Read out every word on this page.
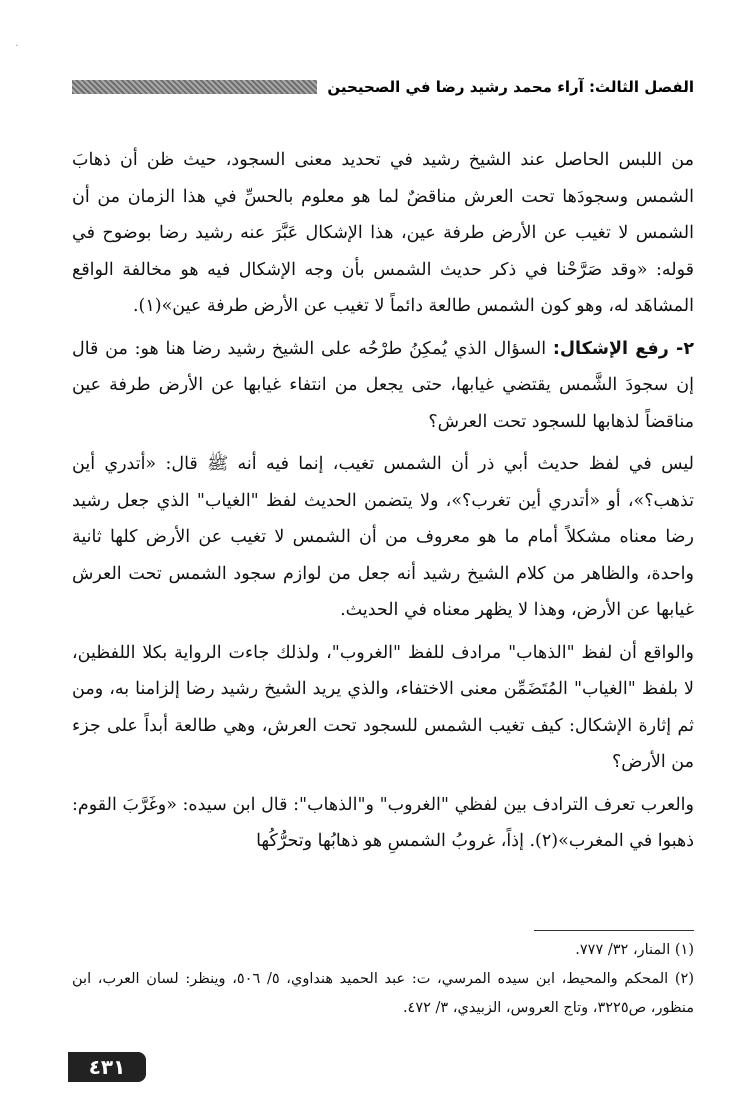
٠
الفصل الثالث: آراء محمد رشيد رضا في الصحيحين

من اللبس الحاصل عند الشيخ رشيد في تحديد معنى السجود، حيث ظن أن ذهابَ الشمس وسجودَها تحت العرش مناقضٌ لما هو معلوم بالحسِّ في هذا الزمان من أن الشمس لا تغيب عن الأرض طرفة عين، هذا الإشكال عَبَّرَ عنه رشيد رضا بوضوح في قوله: «وقد صَرَّحْنا في ذكر حديث الشمس بأن وجه الإشكال فيه هو مخالفة الواقع المشاهَد له، وهو كون الشمس طالعة دائماً لا تغيب عن الأرض طرفة عين»(١).

٢- رفع الإشكال: السؤال الذي يُمكِنُ طرْحُه على الشيخ رشيد رضا هنا هو: من قال إن سجودَ الشَّمس يقتضي غيابها، حتى يجعل من انتفاء غيابها عن الأرض طرفة عين مناقضاً لذهابها للسجود تحت العرش؟

ليس في لفظ حديث أبي ذر أن الشمس تغيب، إنما فيه أنه ﷺ قال: «أتدري أين تذهب؟»، أو «أتدري أين تغرب؟»، ولا يتضمن الحديث لفظ "الغياب" الذي جعل رشيد رضا معناه مشكلاً أمام ما هو معروف من أن الشمس لا تغيب عن الأرض كلها ثانية واحدة، والظاهر من كلام الشيخ رشيد أنه جعل من لوازم سجود الشمس تحت العرش غيابها عن الأرض، وهذا لا يظهر معناه في الحديث.

والواقع أن لفظ "الذهاب" مرادف للفظ "الغروب"، ولذلك جاءت الرواية بكلا اللفظين، لا بلفظ "الغياب" المُتَضَمِّن معنى الاختفاء، والذي يريد الشيخ رشيد رضا إلزامنا به، ومن ثم إثارة الإشكال: كيف تغيب الشمس للسجود تحت العرش، وهي طالعة أبداً على جزء من الأرض؟

والعرب تعرف الترادف بين لفظي "الغروب" و"الذهاب": قال ابن سيده: «وغَرَّبَ القوم: ذهبوا في المغرب»(٢). إذاً، غروبُ الشمسِ هو ذهابُها وتحرُّكُها

(١) المنار، ٣٢/ ٧٧٧.

(٢) المحكم والمحيط، ابن سيده المرسي، ت: عبد الحميد هنداوي، ٥/ ٥٠٦، وينظر: لسان العرب، ابن منظور، ص٣٢٢٥، وتاج العروس، الزبيدي، ٣/ ٤٧٢.

٤٣١
